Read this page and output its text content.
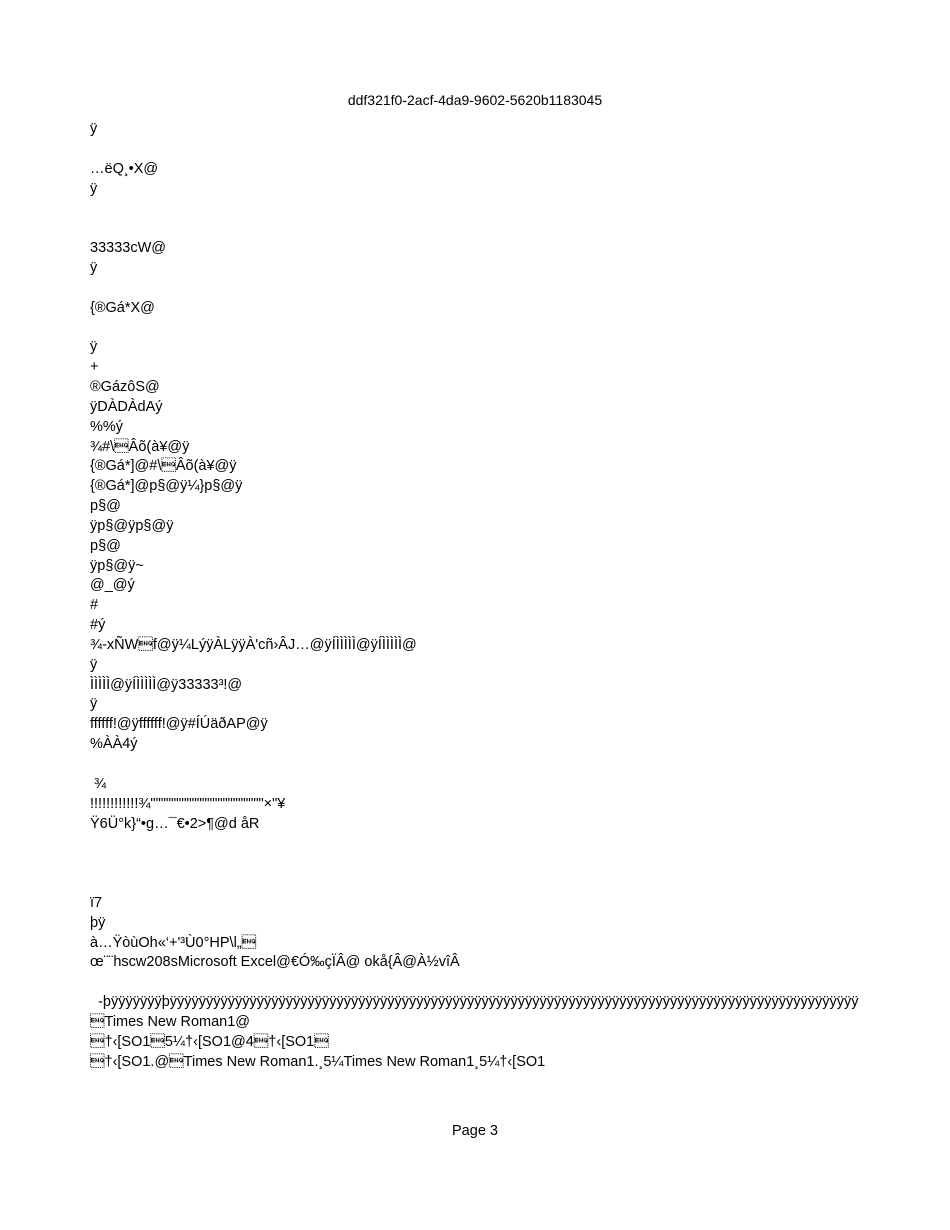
ddf321f0-2acf-4da9-9602-5620b1183045
ÿ
…ëQ¸•X@
ÿ
33333cW@
ÿ
{®Gá*X@
ÿ
+
®GázôS@
ÿDÀDÀdAý
%%ý
¾#\Âõ(à¥@ÿ
{®Gá*]@#\Âõ(à¥@ÿ
{®Gá*]@p§@ÿ¼}p§@ÿ
p§@
ÿp§@ÿp§@ÿ
p§@
ÿp§@ÿ~
@_@ý
#
#ý
¾-xÑWf@ÿ¼LýÿÀLÿÿÀ'cñ›ÂJ…@ÿÍÌÌÌÌÌ@ÿÍÌÌÌÌÌ@
ÿ
ÌÌÌÌÌ@ÿÍÌÌÌÌÌ@ÿ33333³!@
ÿ
ffffff!@ÿffffff!@ÿ#ÍÚäðAP@ÿ
%ÀÀ4ý
¾
!!!!!!!!!!!!¾""""""""""""""""""""""×"¥
Ÿ6Ü°k}“•g…¯€•2>¶@d åR
ï7
þÿ
à…ŸòùOh«‘+'³Ù0°HP\l„
œ¨¨hscw208sMicrosoft Excel@€Ó‰çÏÂ@ okå{Â@À½vîÂ
-þÿÿÿÿÿÿÿþÿÿÿÿÿÿÿÿÿÿÿÿÿÿÿÿÿÿÿÿÿÿÿÿÿÿÿÿÿÿÿÿÿÿÿÿÿÿÿÿÿÿÿÿÿÿÿÿÿÿÿÿÿÿÿÿÿÿÿÿÿÿÿÿÿÿÿÿÿÿÿÿÿÿÿÿÿÿÿÿÿÿÿÿÿÿÿÿÿÿÿÿÿÿÿ
Times New Roman1@
†‹[SO15¼†‹[SO1@4†‹[SO1
†‹[SO1.@Times New Roman1.¸5¼Times New Roman1¸5¼†‹[SO1
Page 3
